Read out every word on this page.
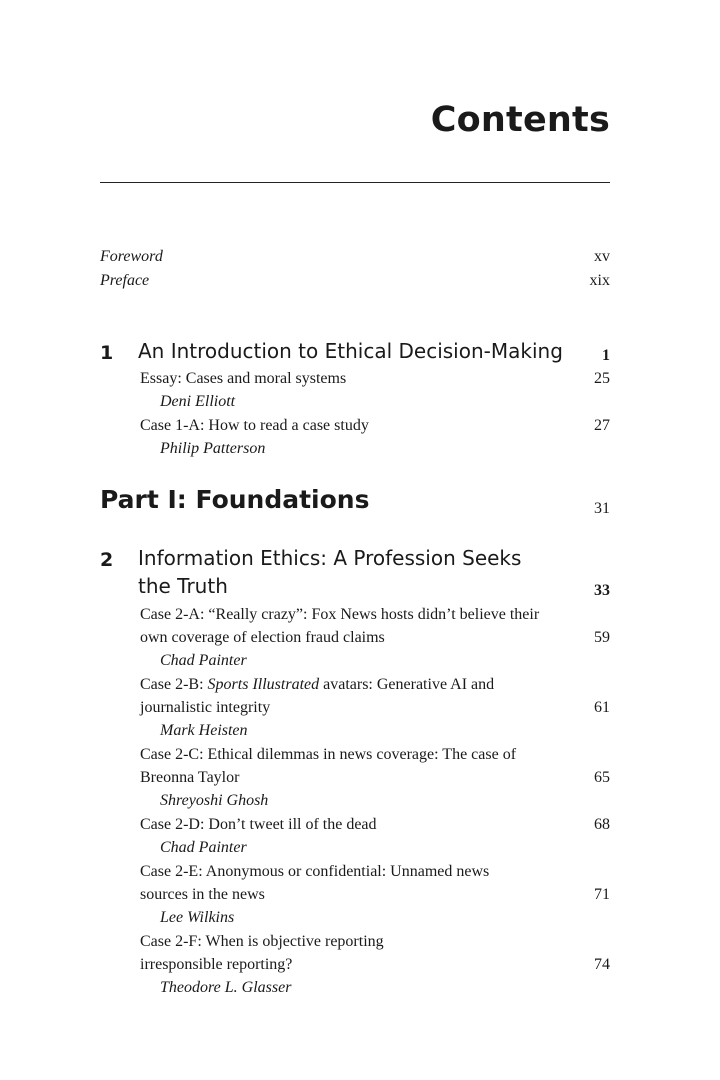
Contents
Foreword	xv
Preface	xix
1 An Introduction to Ethical Decision-Making 1
Essay: Cases and moral systems	25
Deni Elliott
Case 1-A: How to read a case study	27
Philip Patterson
Part I: Foundations	31
2 Information Ethics: A Profession Seeks
the Truth	33
Case 2-A: “Really crazy”: Fox News hosts didn’t believe their
own coverage of election fraud claims	59
Chad Painter
Case 2-B: Sports Illustrated avatars: Generative AI and
journalistic integrity	61
Mark Heisten
Case 2-C: Ethical dilemmas in news coverage: The case of
Breonna Taylor	65
Shreyoshi Ghosh
Case 2-D: Don’t tweet ill of the dead	68
Chad Painter
Case 2-E: Anonymous or confidential: Unnamed news
sources in the news	71
Lee Wilkins
Case 2-F: When is objective reporting
irresponsible reporting?	74
Theodore L. Glasser
